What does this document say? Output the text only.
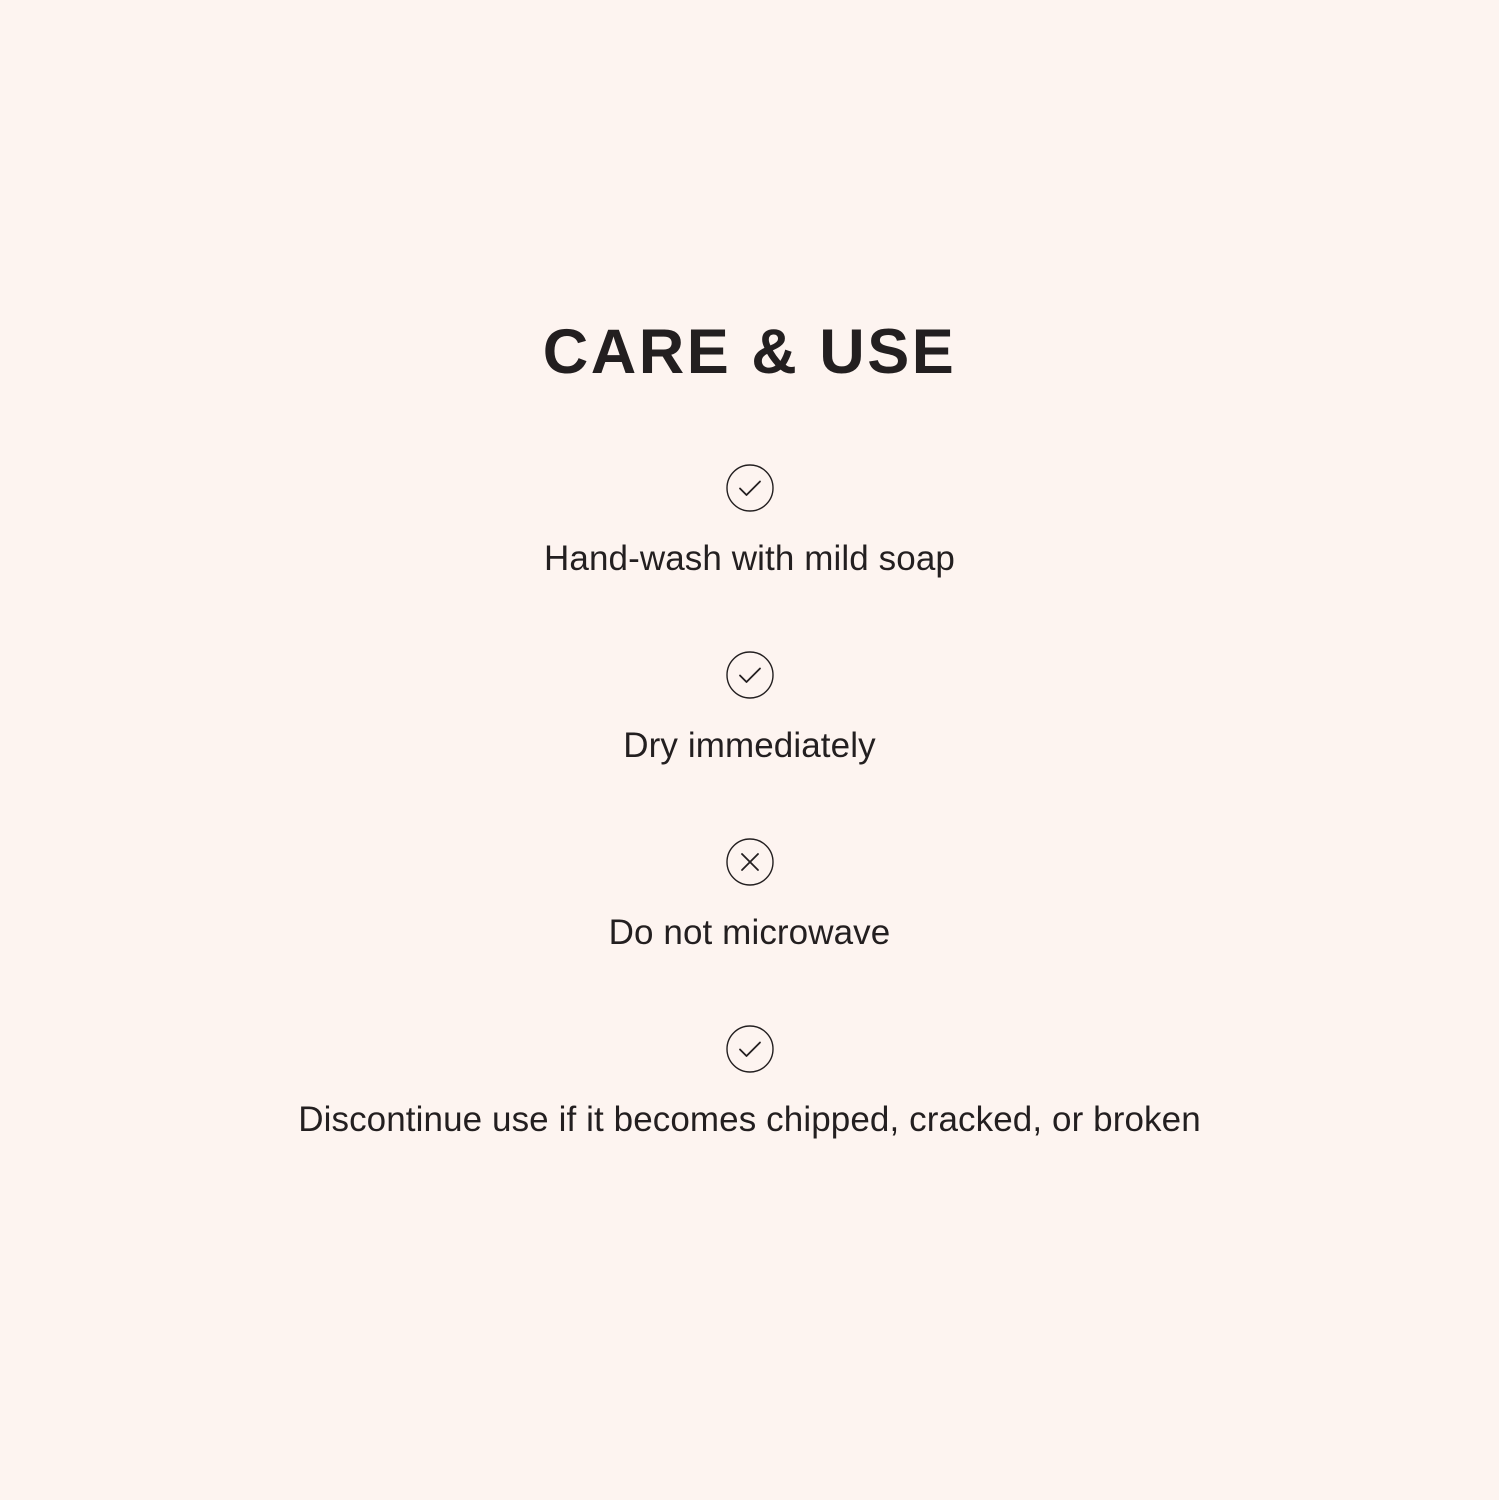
CARE & USE
Hand-wash with mild soap
Dry immediately
Do not microwave
Discontinue use if it becomes chipped, cracked, or broken
